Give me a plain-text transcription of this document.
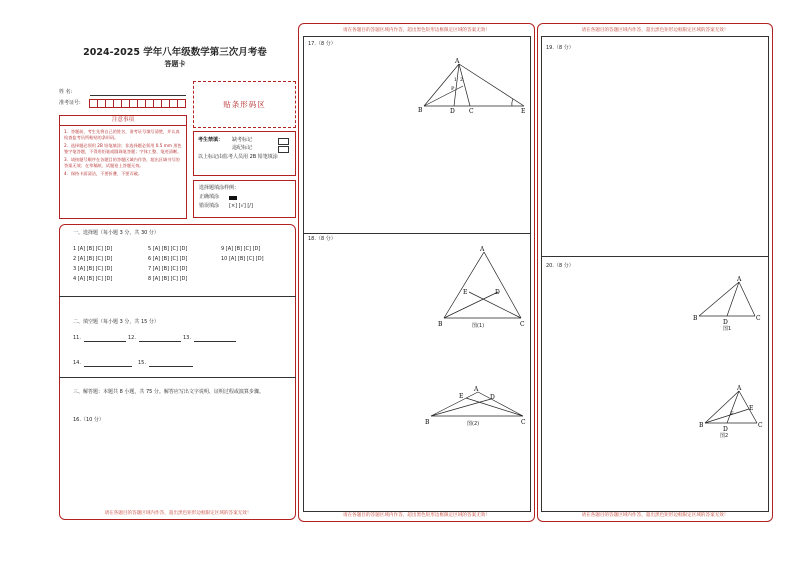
2024-2025 学年八年级数学第三次月考卷
答题卡
姓 名:
准考证号:	贴条形码区
注意事项
1．答题前，考生先将自己的姓名，准考证号填写清楚，并认真检查监考员所粘贴的条形码。
2．选择题必须用 2B 铅笔填涂；非选择题必须用 0.5 mm 黑色签字笔答题，不得用铅笔或圆珠笔答题；字体工整、笔迹清晰。
3．请按题号顺序在各题目的答题区域内作答，超出区域书写的答案无效；在草稿纸、试题卷上答题无效。
4．保持卡面清洁，不要折叠、不要弄破。
考生禁填： 缺考标记
违纪标记
以上标记由监考人员用 2B 铅笔填涂
选择题填涂样例：
正确填涂
错误填涂 [×] [√] [/]
一、选择题（每小题 3 分，共 30 分）
1 [A] [B] [C] [D]
2 [A] [B] [C] [D]
3 [A] [B] [C] [D]
4 [A] [B] [C] [D]
5 [A] [B] [C] [D]
6 [A] [B] [C] [D]
7 [A] [B] [C] [D]
8 [A] [B] [C] [D]
9 [A] [B] [C] [D]
10 [A] [B] [C] [D]
二、填空题（每小题 3 分，共 15 分）
11.	12.	13.
14.	15.
三、解答题：本题共 8 小题，共 75 分。解答应写出文字说明、证明过程或演算步骤。
16.（10 分）
请在各题目的答题区域内作答，超出黑色矩形边框限定区域的答案无效！
请在各题目的答题区域内作答，超出黑色矩形边框限定区域的答案无效！
17.（8 分）
18.（8 分）
A
B	D C	E
P
1 2
A
E	D
B	C
图(1)
A
E	D
B	C
图(2)
请在各题目的答题区域内作答，超出黑色矩形边框限定区域的答案无效！
请在各题目的答题区域内作答，超出黑色矩形边框限定区域的答案无效！
19.（8 分）
20.（8 分）
A
B
D
C
图1
A
E
F
B
D
C
图2
请在各题目的答题区域内作答，超出黑色矩形边框限定区域的答案无效！
